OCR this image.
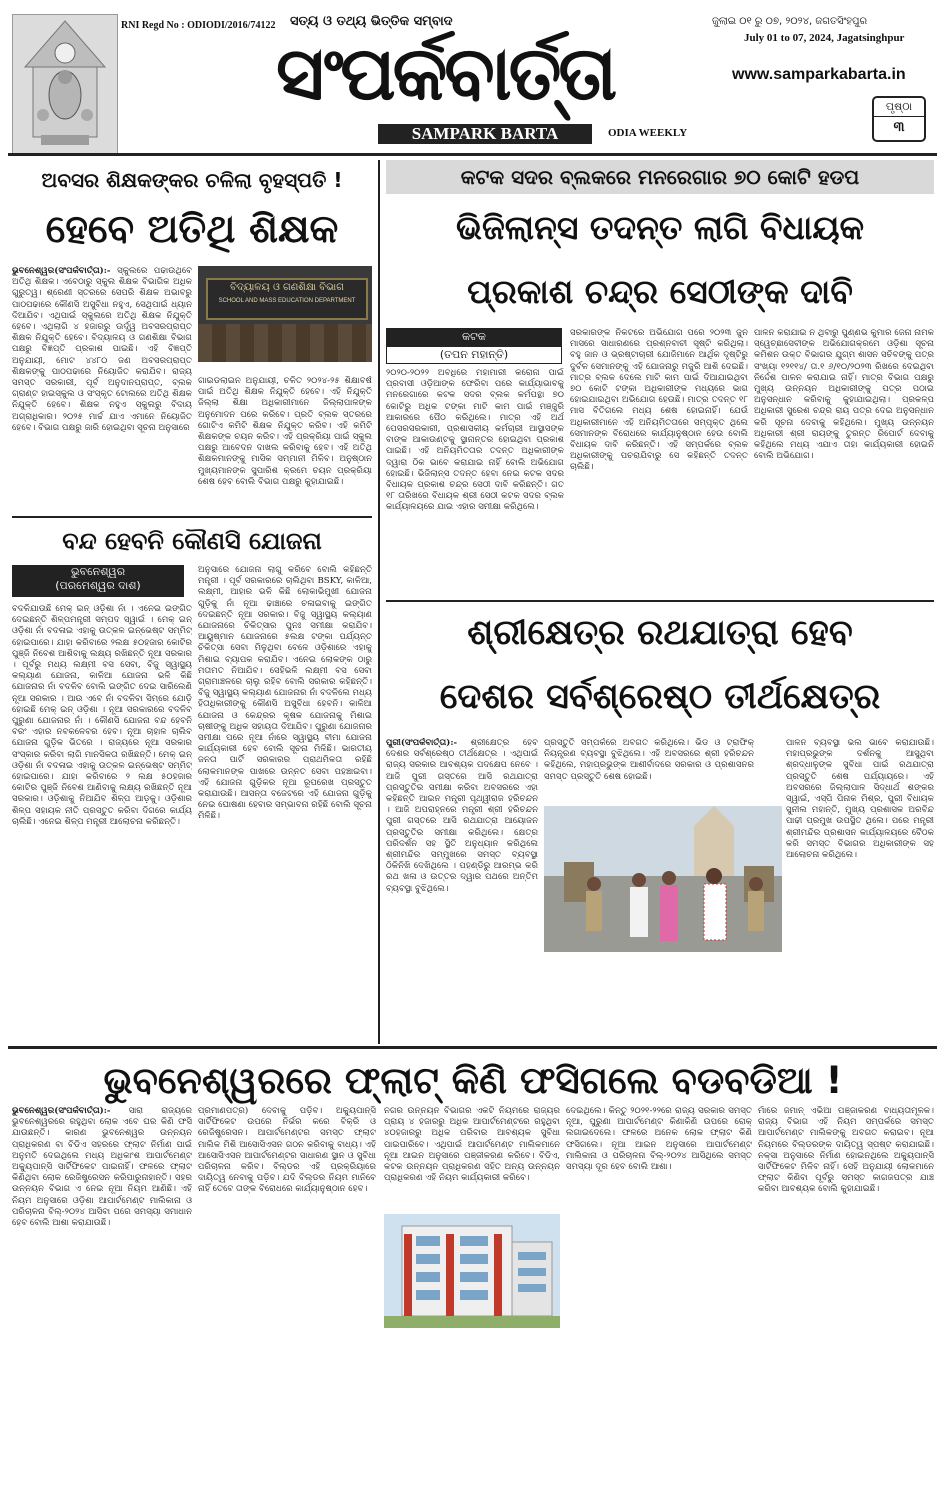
RNI Regd No : ODIODI/2016/74122 ସତ୍ୟ ଓ ତଥ୍ୟ ଭିତ୍ତିକ ସମ୍ବାଦ
ସଂପର୍କବାର୍ତ୍ତା
SAMPARK BARTA	ODIA WEEKLY
ଜୁଲାଇ ୦୧ ରୁ ୦୭, ୨୦୨୪, ଜଗତସିଂହପୁର
July 01 to 07, 2024, Jagatsinghpur
www.samparkabarta.in
ପୃଷ୍ଠା
୩
ଅବସର ଶିକ୍ଷକଙ୍କର ଚଳିଲା ବୃହସ୍ପତି !
ହେବେ ଅତିଥି ଶିକ୍ଷକ
ଭୁବନେଶ୍ୱର(ସଂପର୍କବାର୍ତ୍ତା):- ସ୍କୁଲରେ ପଢାଉଥିବେ ଅତିଥି ଶିକ୍ଷକ। ଏବେଠାରୁ ସ୍କୁଲ ଶିକ୍ଷକ ବିଭାଗିକ ଅଧିକ ଗୁରୁତ୍ୱ। ଶ୍ରେଣୀ ସ୍ତରରେ ସେପରି ଶିକ୍ଷକ ଅଭାବରୁ ପାଠପଢାରେ କୌଣସି ଅସୁବିଧା ନହୁଏ, ସେଥିପାଇଁ ଧ୍ୟାନ ଦିଆଯିବ। ଏଥିପାଇଁ ସ୍କୁଲରେ ଅତିଥି ଶିକ୍ଷକ ନିଯୁକ୍ତି ହେବେ। ଏଥିଲାଗି ୪ ହଜାରରୁ ଊର୍ଦ୍ଧ୍ୱ ଅବସରପ୍ରାପ୍ତ ଶିକ୍ଷକ ନିଯୁକ୍ତି ହେବେ। ବିଦ୍ୟାଳୟ ଓ ଗଣଶିକ୍ଷା ବିଭାଗ ପକ୍ଷରୁ ବିଜ୍ଞପ୍ତି ପ୍ରକାଶ ପାଇଛି। ଏହି ବିଜ୍ଞପ୍ତି ଅନୁଯାୟୀ, ମୋଟ ୪୪୮୦ ଜଣ ଅବସରପ୍ରାପ୍ତ ଶିକ୍ଷକଙ୍କୁ ପାଠପଢାରେ ନିୟୋଜିତ କରାଯିବ। ରାଜ୍ୟ ସମସ୍ତ ସରକାରୀ, ପୂର୍ବ ଅନୁଦାନପ୍ରାପ୍ତ, ବ୍ଲକ ଗ୍ରାଣ୍ଟ ହାଇସ୍କୁଲ ଓ ସଂସ୍କୃତ ଟୋଲରେ ଅତିଥି ଶିକ୍ଷକ ନିଯୁକ୍ତି ହେବେ। ଶିକ୍ଷକ ନହୁଏ ସ୍କୁଲରୁ ବିଦାୟ ଅଗ୍ରାଧିକାର। ୨୦୨୫ ମାର୍ଚ୍ଚ ଯାଏ ଏମାନେ ନିୟୋଜିତ ହେବେ। ବିଭାଗ ପକ୍ଷରୁ ଜାରି ହୋଇଥିବା ସୂଚନା ଅନୁସାରେ
ବିଦ୍ୟାଳୟ ଓ ଗଣଶିକ୍ଷା ବିଭାଗ
SCHOOL AND MASS EDUCATION DEPARTMENT
ଗାଇଡଲାଇନ ଅନୁଯାୟୀ, ଚଳିତ ୨୦୨୪-୨୫ ଶିକ୍ଷାବର୍ଷ ପାଇଁ ଅତିଥି ଶିକ୍ଷକ ନିଯୁକ୍ତି ହେବେ। ଏହି ନିଯୁକ୍ତି ଜିଲ୍ଲା ଶିକ୍ଷା ଅଧିକାରୀମାନେ ଜିଲ୍ଲାପାଳଙ୍କ ଅନୁମୋଦନ ପରେ କରିବେ। ପ୍ରତି ବ୍ଲକ ସ୍ତରରେ ଗୋଟିଏ କମିଟି ଶିକ୍ଷକ ନିଯୁକ୍ତ କରିବ। ଏହି କମିଟି ଶିକ୍ଷକଙ୍କ ଚୟନ କରିବ। ଏହି ପ୍ରକ୍ରିୟା ପାଇଁ ସ୍କୁଲ ପକ୍ଷରୁ ଆବେଦନ ଦାଖଲ କରିବାକୁ ହେବ। ଏହି ଅତିଥି ଶିକ୍ଷକମାନଙ୍କୁ ମାସିକ ସମ୍ମାନୀ ମିଳିବ। ଅନୁଷ୍ଠାନ ମୁଖ୍ୟମାନଙ୍କ ସୁପାରିଶ କ୍ରମେ ଚୟନ ପ୍ରକ୍ରିୟା ଶେଷ ହେବ ବୋଲି ବିଭାଗ ପକ୍ଷରୁ କୁହାଯାଇଛି।
ବନ୍ଦ ହେବନି କୌଣସି ଯୋଜନା
ଭୁବନେଶ୍ୱର
(ପରମେଶ୍ୱର ଦାଶ)
ବଦଳିଯାଉଛି ମେକ୍ ଇନ୍ ଓଡ଼ିଶା ନାଁ । ଏନେଇ ଇଙ୍ଗିତ ଦେଇଛନ୍ତି ଶିଳ୍ପମନ୍ତ୍ରୀ ସମ୍ପଦ ସ୍ୱାଇଁ । ମେକ୍ ଇନ୍ ଓଡ଼ିଶା ନାଁ ବଦଳାଇ ଏହାକୁ ଉତ୍କଳ ଇନ୍‌ଭେଷ୍ଟ ସମ୍ମିଟ୍ ହୋଇପାରେ। ଯାହା କରିବାରେ ୨ଲକ୍ଷ ୫୦ହଜାର କୋଟିର ପୁଞ୍ଜି ନିବେଶ ଆଶିବାକୁ ଲକ୍ଷ୍ୟ ରଖିଛନ୍ତି ନୂଆ ସରକାର । ପୂର୍ବରୁ ମଧ୍ୟ ଲକ୍ଷ୍ମୀ ବସ ସେବା, ବିଜୁ ସ୍ୱାସ୍ଥ୍ୟ କଲ୍ୟାଣ ଯୋଜନା, କାଳିଆ ଯୋଜନା ଭଳି କିଛି ଯୋଜନାର ନାଁ ବଦଳିବ ବୋଲି ଇଙ୍ଗିତ ଦେଇ ସାରିଲେଣି ନୂଆ ସରକାର । ଆଉ ଏବେ ନାଁ ବଦଳିବା ସିମ୍ରେ ଯୋଡ଼ି ହୋଇଛି ମେକ୍ ଇନ୍ ଓଡ଼ିଶା । ନୂଆ ସରକାରରେ ବଦଳିବ ପୁରୁଣା ଯୋଜନାର ନାଁ । କୌଣସି ଯୋଜନା ବନ୍ଦ ହେବନି ବରଂ ଏହାର ନବକଳେବର ହେବ। ନୂଆ ଚାହାଳ ଚାଲିବ ଯୋଜନା ଗୁଡ଼ିକ ଭିତରେ । ରାଜ୍ୟରେ ନୂଆ ସରକାର ସଂସ୍କାର କରିବା ଲାଗି ମାନସିକତା ରଖିଛନ୍ତି। ମେକ୍ ଇନ୍ ଓଡ଼ିଶା ନାଁ ବଦଳାଇ ଏହାକୁ ଉତ୍କଳ ଇନ୍‌ଭେଷ୍ଟ ସମ୍ମିଟ୍ ହୋଇପାରେ। ଯାହା କରିବାରେ ୨ ଲକ୍ଷ ୫୦ହଜାର କୋଟିର ପୁଞ୍ଜି ନିବେଶ ଆଣିବାକୁ ଲକ୍ଷ୍ୟ ରଖିଛନ୍ତି ନୂଆ ସରକାର। ଓଡ଼ିଶାକୁ ନିଆଯିବ ଶିଳ୍ପ ଆଡ଼କୁ। ଓଡ଼ିଶାର ଶିଳ୍ପ ସହାୟକ ନୀତି ପ୍ରସ୍ତୁତ କରିବା ଦିଗରେ କାର୍ଯ୍ୟ ଚାଲିଛି। ଏନେଇ ଶିଳ୍ପ ମନ୍ତ୍ରୀ ଆଲୋଚନା କରିଛନ୍ତି।
ଅନୁସାରେ ଯୋଜନା ଲାଗୁ କରିବେ ବୋଲି କହିଛନ୍ତି ମନ୍ତ୍ରୀ । ପୂର୍ବ ସରକାରରେ ଚାଲିଥିବା BSKY, କାଳିଆ, ଲକ୍ଷ୍ମୀ, ଆହାର ଭଳି କିଛି ଲୋକାଭିମୁଖୀ ଯୋଜନା ଗୁଡ଼ିକୁ ନାଁ ନୂଆ ଢାଞ୍ଚାରେ ଚଳାଇବାକୁ ଇଙ୍ଗିତ ଦେଇଛନ୍ତି ନୂଆ ସରକାର। ବିଜୁ ସ୍ୱାସ୍ଥ୍ୟ କଲ୍ୟାଣ ଯୋଜନାରେ ଚିକିତ୍ସାର ପୁନଃ ସମୀକ୍ଷା କରାଯିବ। ଆୟୁଷ୍ମାନ ଯୋଜନାରେ ୫ଲକ୍ଷ ଟଙ୍କା ପର୍ଯ୍ୟନ୍ତ ଚିକିତ୍ସା ସେବା ମିଳୁଥିବା ବେଳେ ଓଡ଼ିଶାରେ ଏହାକୁ ମିଶାଇ ବ୍ୟାପକ କରାଯିବ। ଏନେଇ ଲୋକଙ୍କ ଠାରୁ ମତାମତ ନିଆଯିବ। ସେହିଭଳି ଲକ୍ଷ୍ମୀ ବସ ସେବା ଗ୍ରାମାଞ୍ଚଳରେ ଚାଲୁ ରହିବ ବୋଲି ସରକାର କହିଛନ୍ତି। ବିଜୁ ସ୍ୱାସ୍ଥ୍ୟ କଲ୍ୟାଣ ଯୋଜନାର ନାଁ ବଦଳିଲେ ମଧ୍ୟ ହିତାଧିକାରୀଙ୍କୁ କୌଣସି ଅସୁବିଧା ହେବନି। କାଳିଆ ଯୋଜନା ଓ କେନ୍ଦ୍ରର କୃଷକ ଯୋଜନାକୁ ମିଶାଇ ଚାଷୀଙ୍କୁ ଅଧିକ ସହାୟତା ଦିଆଯିବ। ପୁରୁଣା ଯୋଜନାର ସମୀକ୍ଷା ପରେ ନୂଆ ନାଁରେ ସ୍ୱାସ୍ଥ୍ୟ ବୀମା ଯୋଜନା କାର୍ଯ୍ୟକାରୀ ହେବ ବୋଲି ସୂଚନା ମିଳିଛି। ଭାରତୀୟ ଜନତା ପାର୍ଟି ସରକାରର ପ୍ରାଥମିକତା ରହିଛି ଲୋକମାନଙ୍କ ପାଖରେ ଉନ୍ନତ ସେବା ପହଞ୍ଚାଇବା। ଏହି ଯୋଜନା ଗୁଡ଼ିକର ନୂଆ ରୂପରେଖ ପ୍ରସ୍ତୁତ କରାଯାଉଛି। ଆସନ୍ତା ବଜେଟରେ ଏହି ଯୋଜନା ଗୁଡ଼ିକୁ ନେଇ ଘୋଷଣା ହେବାର ସମ୍ଭାବନା ରହିଛି ବୋଲି ସୂଚନା ମିଳିଛି।
କଟକ ସଦର ବ୍ଲକରେ ମନରେଗାର ୭୦ କୋଟି ହଡପ
ଭିଜିଲାନ୍ସ ତଦନ୍ତ ଲାଗି ବିଧାୟକ
ପ୍ରକାଶ ଚନ୍ଦ୍ର ସେଠୀଙ୍କ ଦାବି
କଟକ
(ତପନ ମହାନ୍ତି)
୨୦୨୦-୨୦୨୨ ଅବଧିରେ ମହାମାରୀ କରୋନା ପାଇଁ ପ୍ରବାସୀ ଓଡ଼ିଆଙ୍କ ଫେରିବା ପରେ କାର୍ଯ୍ୟାଭାବକୁ ମନରେଗାରେ କଟକ ସଦର ବ୍ଲକ କର୍ମପନ୍ଥା ୭୦ କୋଟିରୁ ଅଧିକ ଟଙ୍କା ମାଟି କାମ ପାଇଁ ମଞ୍ଜୁରି ଆକାରରେ ପୈଠ କରିଥିଲେ। ମାତ୍ର ଏହି ଅର୍ଥ ପେସରସରକାରୀ, ପ୍ରଶାସକୀୟ କର୍ମଚାରୀ ଆସ୍ଥାସଙ୍କ ବାଙ୍କ ଆକାଉଣ୍ଟକୁ ସ୍ଥାନାନ୍ତର ହୋଇଥିବା ପ୍ରକାଶ ପାଇଛି। ଏହି ଅନିୟମିତତାର ତଦନ୍ତ ଅଧିକାରୀଙ୍କ ଦ୍ୱାରା ଠିକ ଭାବେ କରାଯାଇ ନାହିଁ ବୋଲି ଅଭିଯୋଗ ହୋଇଛି। ଭିଜିଲାନ୍ସ ତଦନ୍ତ ହେବା ନେଇ କଟକ ସଦର ବିଧାୟକ ପ୍ରକାଶ ଚନ୍ଦ୍ର ସେଠୀ ଦାବି କରିଛନ୍ତି। ଗତ ୧୮ ତାରିଖରେ ବିଧାୟକ ଶ୍ରୀ ସେଠୀ କଟକ ସଦର ବ୍ଲକ କାର୍ଯ୍ୟାଳୟରେ ଯାଇ ଏହାର ସମୀକ୍ଷା କରିଥିଲେ।
ସରକାରଙ୍କ ନିକଟରେ ଅଭିଯୋଗ ପରେ ୨୦୨୩ ଜୁନ ମାସରେ ସାଧାରଣରେ ପ୍ରଶ୍ନବାଚୀ ସୃଷ୍ଟି କରିଥିଲା। ବହୁ ଜାନ ଓ ଭ୍ରଷ୍ଟାଚାରୀ ଯୋଜିମାନେ ଆର୍ଥିକ ଦୃଷ୍ଟିରୁ ଦୁର୍ବଳ ସେମାନଙ୍କୁ ଏହି ଯୋଜନାରୁ ମଜୁରି ଆଶି ଦେଇଛି। ମାତ୍ର ବ୍ଲକ ଦେଲେ ମାଟି କାମ ପାଇଁ ଦିଆଯାଇଥିବା ୭୦ କୋଟି ଟଙ୍କା ଅଧିକାରୀଙ୍କ ମଧ୍ୟରେ ଭାଗ ହୋଇଯାଇଥିବା ଅଭିଯୋଗ ହେଉଛି। ମାତ୍ର ତଦନ୍ତ ୧୮ ମାସ ବିତିଗଲେ ମଧ୍ୟ ଶେଷ ହୋଇନାହିଁ। ଯେଉଁ ଅଧିକାରୀମାନେ ଏହି ଅନିୟମିତତାରେ ସମ୍ପୃକ୍ତ ଥିଲେ ସେମାନଙ୍କ ବିରୋଧରେ କାର୍ଯ୍ୟାନୁଷ୍ଠାନ ହେଉ ବୋଲି ବିଧାୟକ ଦାବି କରିଛନ୍ତି। ଏହି ସମ୍ପର୍କରେ ବ୍ଲକ ଅଧିକାରୀଙ୍କୁ ପଚରାଯିବାରୁ ସେ କହିଛନ୍ତି ତଦନ୍ତ ଚାଲିଛି।
ପାଳନ କରାଯାଇ ନ ଥିବାରୁ ପୁଣ୍ଣଭ କୁମାର ଜେନା ନାମକ ସ୍ୱେଚ୍ଛାସେବୀଙ୍କ ଅଭିଯୋଗକ୍ରମେ ଓଡ଼ିଶା ସୂଚନା କମିଶନ ଉକ୍ତ ବିଭାଗର ଯୁଗ୍ମ ଶାସନ ସଚିବଙ୍କୁ ପତ୍ର ସଂଖ୍ୟା ୧୨୧୧୪/ ତା.୧ ୬/୧୦/୨୦୨୩ ରିଖରେ ଦେଇଥିବା ନିର୍ଦ୍ଦେଶ ପାଳନ କରାଯାଇ ନାହିଁ। ମାତ୍ର ବିଭାଗ ପକ୍ଷରୁ ମୁଖ୍ୟ ଉନ୍ନୟନ ଅଧିକାରୀଙ୍କୁ ପତ୍ର ପଠାଇ ଅନୁସନ୍ଧାନ କରିବାକୁ କୁହାଯାଇଥିଲା। ପ୍ରକଳ୍ପ ଅଧିକାରୀ ସୁରେଶ ଚନ୍ଦ୍ର ରାୟ ପତ୍ର ଦେଇ ଅନୁସନ୍ଧାନ କରି ସୂଚନା ଦେବାକୁ କହିଥିଲେ। ମୁଖ୍ୟ ଉନ୍ନୟନ ଅଧିକାରୀ ଶ୍ରୀ ରାୟଙ୍କୁ ତୁରନ୍ତ ରିପୋର୍ଟ ଦେବାକୁ କହିଥିଲେ ମଧ୍ୟ ଏଯାଏ ତାହା କାର୍ଯ୍ୟକାରୀ ହୋଇନି ବୋଲି ଅଭିଯୋଗ।
ଶ୍ରୀକ୍ଷେତ୍ର ରଥଯାତ୍ରା ହେବ
ଦେଶର ସର୍ବଶ୍ରେଷ୍ଠ ତୀର୍ଥକ୍ଷେତ୍ର
ପୁରୀ(ସଂପର୍କବାର୍ତ୍ତା):- ଶ୍ରୀକ୍ଷେତ୍ର ହେବ ଦେଶର ସର୍ବଶ୍ରେଷ୍ଠ ତୀର୍ଥକ୍ଷେତ୍ର । ଏଥିପାଇଁ ରାଜ୍ୟ ସରକାର ଆବଶ୍ୟକ ପଦକ୍ଷେପ ନେବେ । ଆଜି ପୁରୀ ଗସ୍ତରେ ଆସି ରଥଯାତ୍ରା ପ୍ରସ୍ତୁତିର ସମୀକ୍ଷା କରିବା ଅବସରରେ ଏହା କହିଛନ୍ତି ଆଇନ ମନ୍ତ୍ରୀ ପୃଥ୍ୱୀରାଜ ହରିଚନ୍ଦନ । ଆଜି ଅପରାହ୍ନରେ ମନ୍ତ୍ରୀ ଶ୍ରୀ ହରିଚନ୍ଦନ ପୁରୀ ଗସ୍ତରେ ଆସି ରଥଯାତ୍ରା ଆୟୋଜନ ପ୍ରସ୍ତୁତିର ସମୀକ୍ଷା କରିଥିଲେ। କ୍ଷେତ୍ର ପରିଦର୍ଶନ ସହ ସ୍ଥିତି ଅନୁଧ୍ୟାନ କରିଥିଲେ ଶ୍ରୀମନ୍ଦିର ସମ୍ମୁଖରେ ସମସ୍ତ ବ୍ୟବସ୍ଥା ଠିକିନିଖି ଦେଖିଥିଲେ । ପହଣ୍ଡିରୁ ଆରମ୍ଭ କରି ରଥ ଖଳା ଓ ଉତ୍ତର ଦ୍ୱାର ପଥରେ ଅନ୍ତିମ ବ୍ୟବସ୍ଥା ବୁଝିଥିଲେ।
ପ୍ରସ୍ତୁତି ସମ୍ପର୍କରେ ଅବଗତ କରିଥିଲେ। ଭିଡ ଓ ଟ୍ରାଫିକ୍ ନିୟନ୍ତ୍ରଣ ବ୍ୟବସ୍ଥା ବୁଝିଥିଲେ। ଏହି ଅବସରରେ ଶ୍ରୀ ହରିଚନ୍ଦନ କହିଥିଲେ, ମହାପ୍ରଭୁଙ୍କ ଆଶୀର୍ବାଦରେ ସରକାର ଓ ପ୍ରଶାସନର ସମସ୍ତ ପ୍ରସ୍ତୁତି ଶେଷ ହୋଇଛି।
ପାଳନ ବ୍ୟବସ୍ଥା ଭଲ ଭାବେ କରାଯାଉଛି। ମହାପ୍ରଭୁଙ୍କ ଦର୍ଶନକୁ ଆସୁଥିବା ଶ୍ରଦ୍ଧାଳୁଙ୍କ ସୁବିଧା ପାଇଁ ରଥଯାତ୍ରା ପ୍ରସ୍ତୁତି ଶେଷ ପର୍ଯ୍ୟାୟରେ। ଏହି ଅବସରରେ ଜିଲ୍ଲାପାଳ ସିଦ୍ଧାର୍ଥ ଶଙ୍କର ସ୍ୱାଇଁ, ଏସ୍ପି ପିନାକ ମିଶ୍ର, ପୁରୀ ବିଧାୟକ ସୁନୀଲ ମହାନ୍ତି, ମୁଖ୍ୟ ପ୍ରଶାସକ ଅରବିନ୍ଦ ପାଢୀ ପ୍ରମୁଖ ଉପସ୍ଥିତ ଥିଲେ। ପରେ ମନ୍ତ୍ରୀ ଶ୍ରୀମନ୍ଦିର ପ୍ରଶାସନ କାର୍ଯ୍ୟାଳୟରେ ବୈଠକ କରି ସମସ୍ତ ବିଭାଗର ଅଧିକାରୀଙ୍କ ସହ ଆଲୋଚନା କରିଥିଲେ।
ଭୁବନେଶ୍ୱରରେ ଫ୍ଲାଟ୍ କିଣି ଫସିଗଲେ ବଡବଡିଆ !
ଭୁବନେଶ୍ୱର(ସଂପର୍କବାର୍ତ୍ତା):- ସାରା ରାଜ୍ୟରେ ଭୁବନେଶ୍ୱରରେ ରହୁଥିବା ଲୋକ ଏବେ ଘର କିଣି ଫସି ଯାଉଛନ୍ତି। କାରଣ ଭୁବନେଶ୍ୱର ଉନ୍ନୟନ ପ୍ରାଧିକରଣ ବା ବିଡିଏ ସହରରେ ଫ୍ଲାଟ ନିର୍ମାଣ ପାଇଁ ଅନୁମତି ଦେଇଥିଲେ ମଧ୍ୟ ଅଧିକାଂଶ ଆପାର୍ଟମେଣ୍ଟ ଅକ୍ୟୁପାନ୍ସି ସାର୍ଟିଫିକେଟ ପାଇନାହିଁ। ଫଳରେ ଫ୍ଲାଟ କିଣିଥିବା ଲୋକ ରେଜିଷ୍ଟ୍ରେସନ କରିପାରୁନାହାନ୍ତି। ସହର ଉନ୍ନୟନ ବିଭାଗ ଏ ନେଇ ନୂଆ ନିୟମ ଆଣିଛି। ଏହି ନିୟମ ଅନୁସାରେ ଓଡ଼ିଶା ଆପାର୍ଟମେଣ୍ଟ ମାଲିକାନା ଓ ପରିଚାଳନା ବିଲ୍-୨୦୨୪ ଆସିବା ପରେ ସମସ୍ୟା ସମାଧାନ ହେବ ବୋଲି ଆଶା କରାଯାଉଛି।
ପ୍ରମାଣପତ୍ର) ଦେବାକୁ ପଡ଼ିବ। ଅକ୍ୟୁପାନ୍ସି ସାର୍ଟିଫିକେଟ ଉପରେ ନିର୍ଭର କରେ ବିକ୍ରି ଓ ରେଜିଷ୍ଟ୍ରେସନ। ଆପାର୍ଟମେଣ୍ଟର ସମସ୍ତ ଫ୍ଲାଟ ମାଲିକ ମିଶି ଆସୋସିଏସନ ଗଠନ କରିବାକୁ ବାଧ୍ୟ। ଏହି ଆସୋସିଏସନ ଆପାର୍ଟମେଣ୍ଟର ସାଧାରଣ ସ୍ଥାନ ଓ ସୁବିଧା ପରିଚାଳନା କରିବ। ବିଲ୍ଡର ଏହି ପ୍ରକ୍ରିୟାରେ ଦାୟିତ୍ୱ ନେବାକୁ ପଡ଼ିବ। ଯଦି ବିଲ୍ଡର ନିୟମ ମାନିବେ ନାହିଁ ତେବେ ତାଙ୍କ ବିରୋଧରେ କାର୍ଯ୍ୟାନୁଷ୍ଠାନ ହେବ।
ନଗର ଉନ୍ନୟନ ବିଭାଗର ଏକଟି ନିୟମରେ ରାଜ୍ୟର ପ୍ରାୟ ୪ ହଜାରରୁ ଅଧିକ ଆପାର୍ଟମେଣ୍ଟରେ ରହୁଥିବା ୪୦ହଜାରରୁ ଅଧିକ ପରିବାର ଆବଶ୍ୟକ ସୁବିଧା ପାଇପାରିବେ। ଏଥିପାଇଁ ଆପାର୍ଟମେଣ୍ଟ ମାଲିକମାନେ ନୂଆ ଆଇନ ଅନୁସାରେ ପଞ୍ଜୀକରଣ କରିବେ। ବିଡିଏ, କଟକ ଉନ୍ନୟନ ପ୍ରାଧିକରଣ ସହିତ ଅନ୍ୟ ଉନ୍ନୟନ ପ୍ରାଧିକରଣ ଏହି ନିୟମ କାର୍ଯ୍ୟକାରୀ କରିବେ।
ଦେଇଥିଲେ। କିନ୍ତୁ ୨୦୨୧-୨୨ରେ ରାଜ୍ୟ ସରକାର ସମସ୍ତ ନୂଆ, ପୁରୁଣା ଆପାର୍ଟମେଣ୍ଟ କିଣାକିଣି ଉପରେ ରୋକ୍ ଲଗାଇଦେଲେ। ଫଳରେ ଅନେକ ଲୋକ ଫ୍ଲାଟ କିଣି ଫସିଗଲେ। ନୂଆ ଆଇନ ଅନୁସାରେ ଆପାର୍ଟମେଣ୍ଟ ମାଲିକାନା ଓ ପରିଚାଳନା ବିଲ୍-୨୦୨୪ ଆସିଥିଲେ ସମସ୍ତ ସମସ୍ୟା ଦୂର ହେବ ବୋଲି ଆଶା।
ମାଁରେ ଜମାନ୍ ଏଭିଆ ପଞ୍ଜାକରଣ ବାଧ୍ୟତାମୂଳକ। ରାଜ୍ୟ ବିଭାଗ ଏହି ନିୟମ ସମ୍ପର୍କରେ ସମସ୍ତ ଆପାର୍ଟମେଣ୍ଟ ମାଲିକଙ୍କୁ ଅବଗତ କରାଇବ। ନୂଆ ନିୟମରେ ବିଲ୍ଡରଙ୍କ ଦାୟିତ୍ୱ ସ୍ପଷ୍ଟ କରାଯାଇଛି। ନକ୍ସା ଅନୁସାରେ ନିର୍ମାଣ ହୋଇନଥିଲେ ଅକ୍ୟୁପାନ୍ସି ସାର୍ଟିଫିକେଟ ମିଳିବ ନାହିଁ। ସେହି ଅନୁଯାୟୀ ଲୋକମାନେ ଫ୍ଲାଟ କିଣିବା ପୂର୍ବରୁ ସମସ୍ତ କାଗଜପତ୍ର ଯାଞ୍ଚ କରିବା ଆବଶ୍ୟକ ବୋଲି କୁହାଯାଇଛି।
